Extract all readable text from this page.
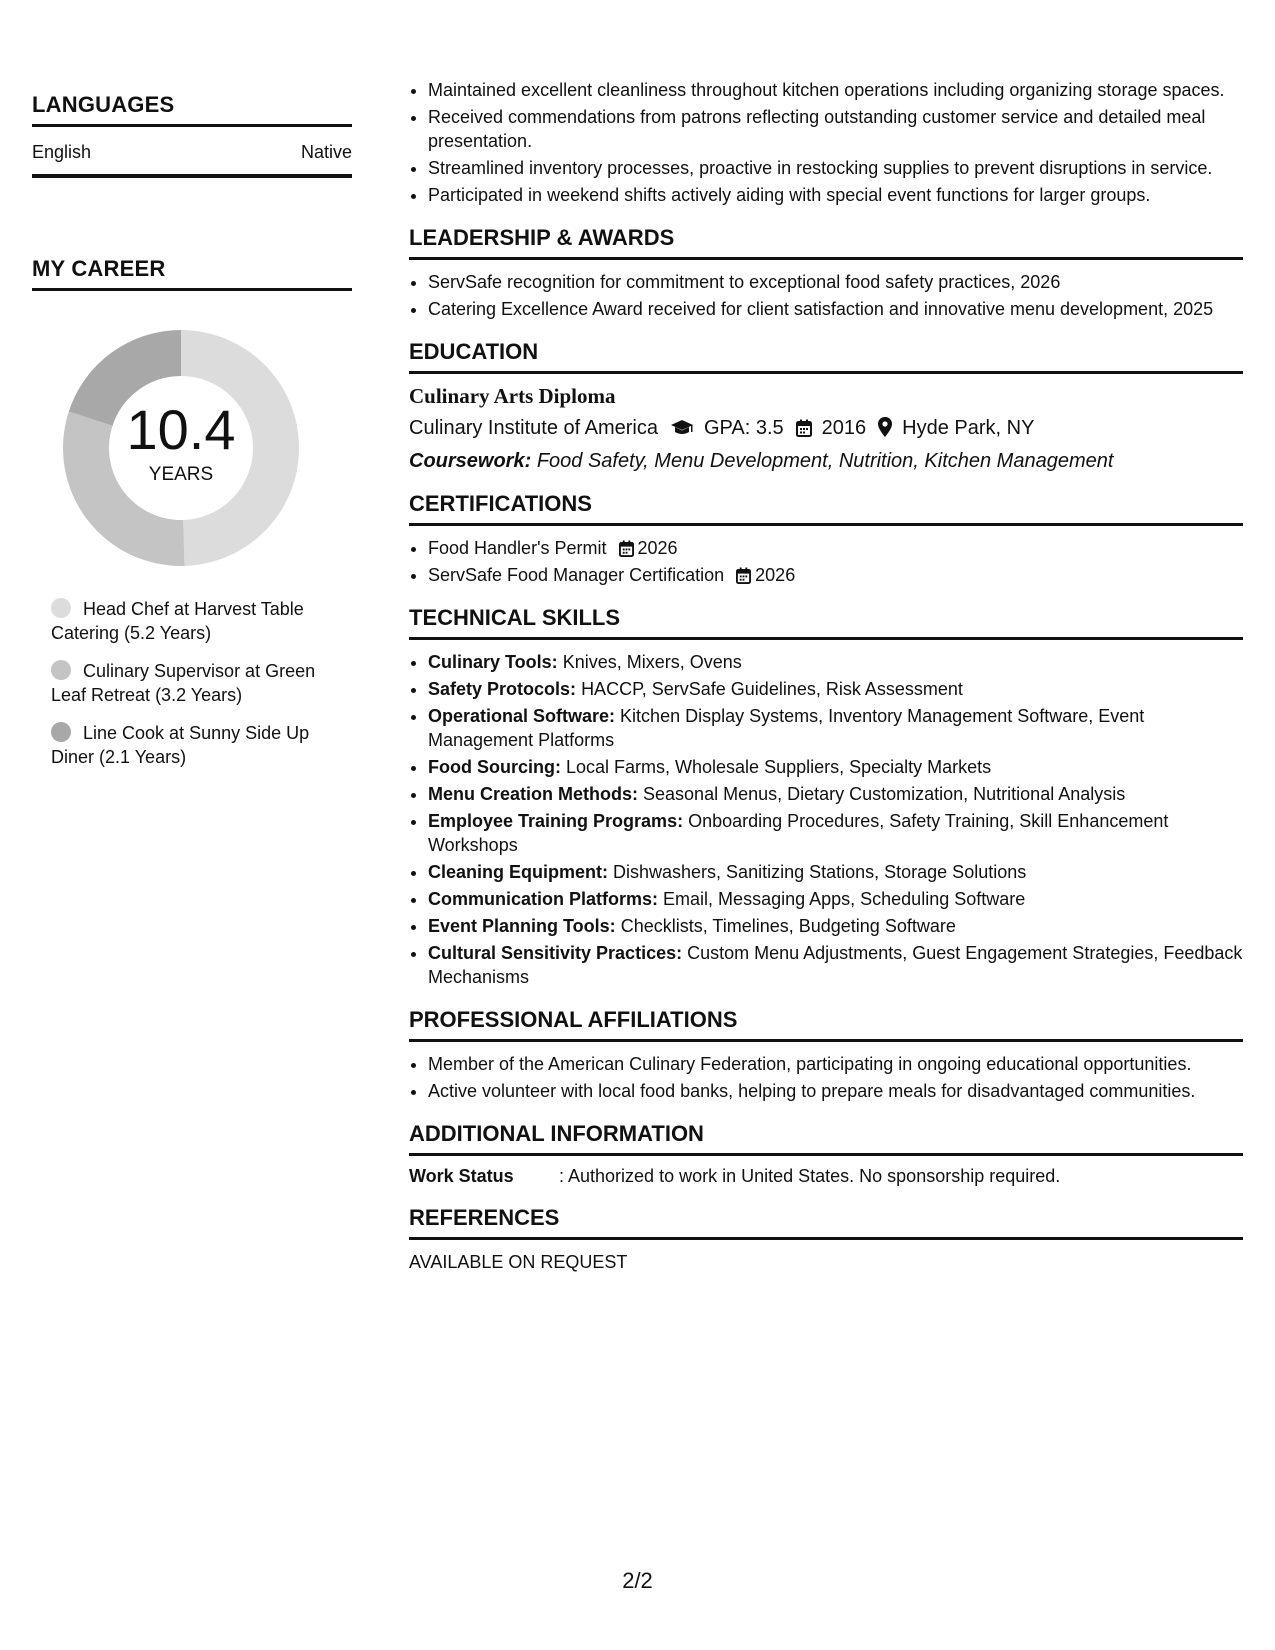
LANGUAGES
English	Native
MY CAREER
10.4
YEARS
Head Chef at Harvest Table Catering (5.2 Years)
Culinary Supervisor at Green Leaf Retreat (3.2 Years)
Line Cook at Sunny Side Up Diner (2.1 Years)
• Maintained excellent cleanliness throughout kitchen operations including organizing storage spaces.
• Received commendations from patrons reflecting outstanding customer service and detailed meal presentation.
• Streamlined inventory processes, proactive in restocking supplies to prevent disruptions in service.
• Participated in weekend shifts actively aiding with special event functions for larger groups.
LEADERSHIP & AWARDS
• ServSafe recognition for commitment to exceptional food safety practices, 2026
• Catering Excellence Award received for client satisfaction and innovative menu development, 2025
EDUCATION
Culinary Arts Diploma
Culinary Institute of America GPA: 3.5 2016 Hyde Park, NY
Coursework: Food Safety, Menu Development, Nutrition, Kitchen Management
CERTIFICATIONS
• Food Handler's Permit 2026
• ServSafe Food Manager Certification 2026
TECHNICAL SKILLS
• Culinary Tools: Knives, Mixers, Ovens
• Safety Protocols: HACCP, ServSafe Guidelines, Risk Assessment
• Operational Software: Kitchen Display Systems, Inventory Management Software, Event Management Platforms
• Food Sourcing: Local Farms, Wholesale Suppliers, Specialty Markets
• Menu Creation Methods: Seasonal Menus, Dietary Customization, Nutritional Analysis
• Employee Training Programs: Onboarding Procedures, Safety Training, Skill Enhancement Workshops
• Cleaning Equipment: Dishwashers, Sanitizing Stations, Storage Solutions
• Communication Platforms: Email, Messaging Apps, Scheduling Software
• Event Planning Tools: Checklists, Timelines, Budgeting Software
• Cultural Sensitivity Practices: Custom Menu Adjustments, Guest Engagement Strategies, Feedback Mechanisms
PROFESSIONAL AFFILIATIONS
• Member of the American Culinary Federation, participating in ongoing educational opportunities.
• Active volunteer with local food banks, helping to prepare meals for disadvantaged communities.
ADDITIONAL INFORMATION
Work Status	: Authorized to work in United States. No sponsorship required.
REFERENCES
AVAILABLE ON REQUEST
2/2
